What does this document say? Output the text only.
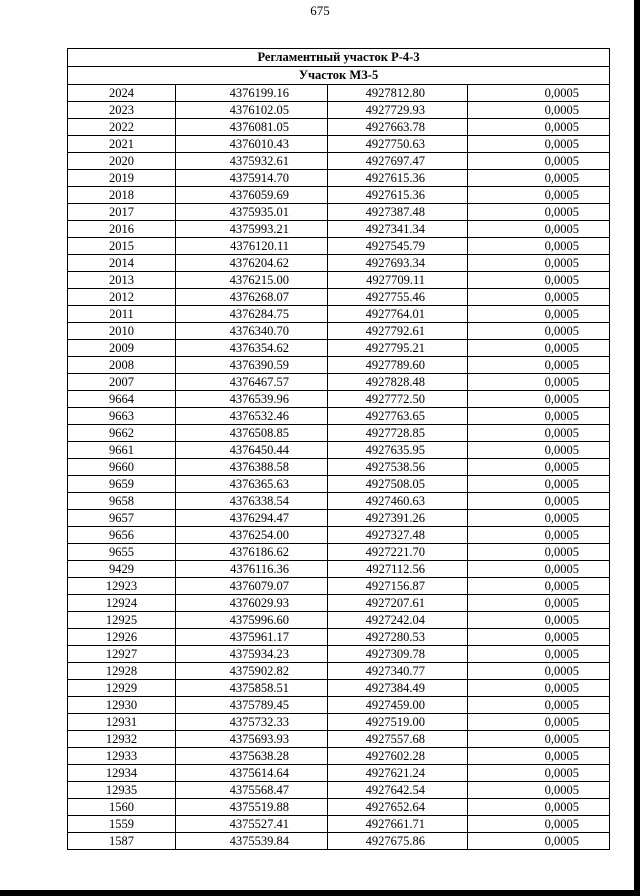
675
Регламентный участок Р-4-3			
Участок МЗ-5			
2024	4376199.16	4927812.80	0,0005
2023	4376102.05	4927729.93	0,0005
2022	4376081.05	4927663.78	0,0005
2021	4376010.43	4927750.63	0,0005
2020	4375932.61	4927697.47	0,0005
2019	4375914.70	4927615.36	0,0005
2018	4376059.69	4927615.36	0,0005
2017	4375935.01	4927387.48	0,0005
2016	4375993.21	4927341.34	0,0005
2015	4376120.11	4927545.79	0,0005
2014	4376204.62	4927693.34	0,0005
2013	4376215.00	4927709.11	0,0005
2012	4376268.07	4927755.46	0,0005
2011	4376284.75	4927764.01	0,0005
2010	4376340.70	4927792.61	0,0005
2009	4376354.62	4927795.21	0,0005
2008	4376390.59	4927789.60	0,0005
2007	4376467.57	4927828.48	0,0005
9664	4376539.96	4927772.50	0,0005
9663	4376532.46	4927763.65	0,0005
9662	4376508.85	4927728.85	0,0005
9661	4376450.44	4927635.95	0,0005
9660	4376388.58	4927538.56	0,0005
9659	4376365.63	4927508.05	0,0005
9658	4376338.54	4927460.63	0,0005
9657	4376294.47	4927391.26	0,0005
9656	4376254.00	4927327.48	0,0005
9655	4376186.62	4927221.70	0,0005
9429	4376116.36	4927112.56	0,0005
12923	4376079.07	4927156.87	0,0005
12924	4376029.93	4927207.61	0,0005
12925	4375996.60	4927242.04	0,0005
12926	4375961.17	4927280.53	0,0005
12927	4375934.23	4927309.78	0,0005
12928	4375902.82	4927340.77	0,0005
12929	4375858.51	4927384.49	0,0005
12930	4375789.45	4927459.00	0,0005
12931	4375732.33	4927519.00	0,0005
12932	4375693.93	4927557.68	0,0005
12933	4375638.28	4927602.28	0,0005
12934	4375614.64	4927621.24	0,0005
12935	4375568.47	4927642.54	0,0005
1560	4375519.88	4927652.64	0,0005
1559	4375527.41	4927661.71	0,0005
1587	4375539.84	4927675.86	0,0005
